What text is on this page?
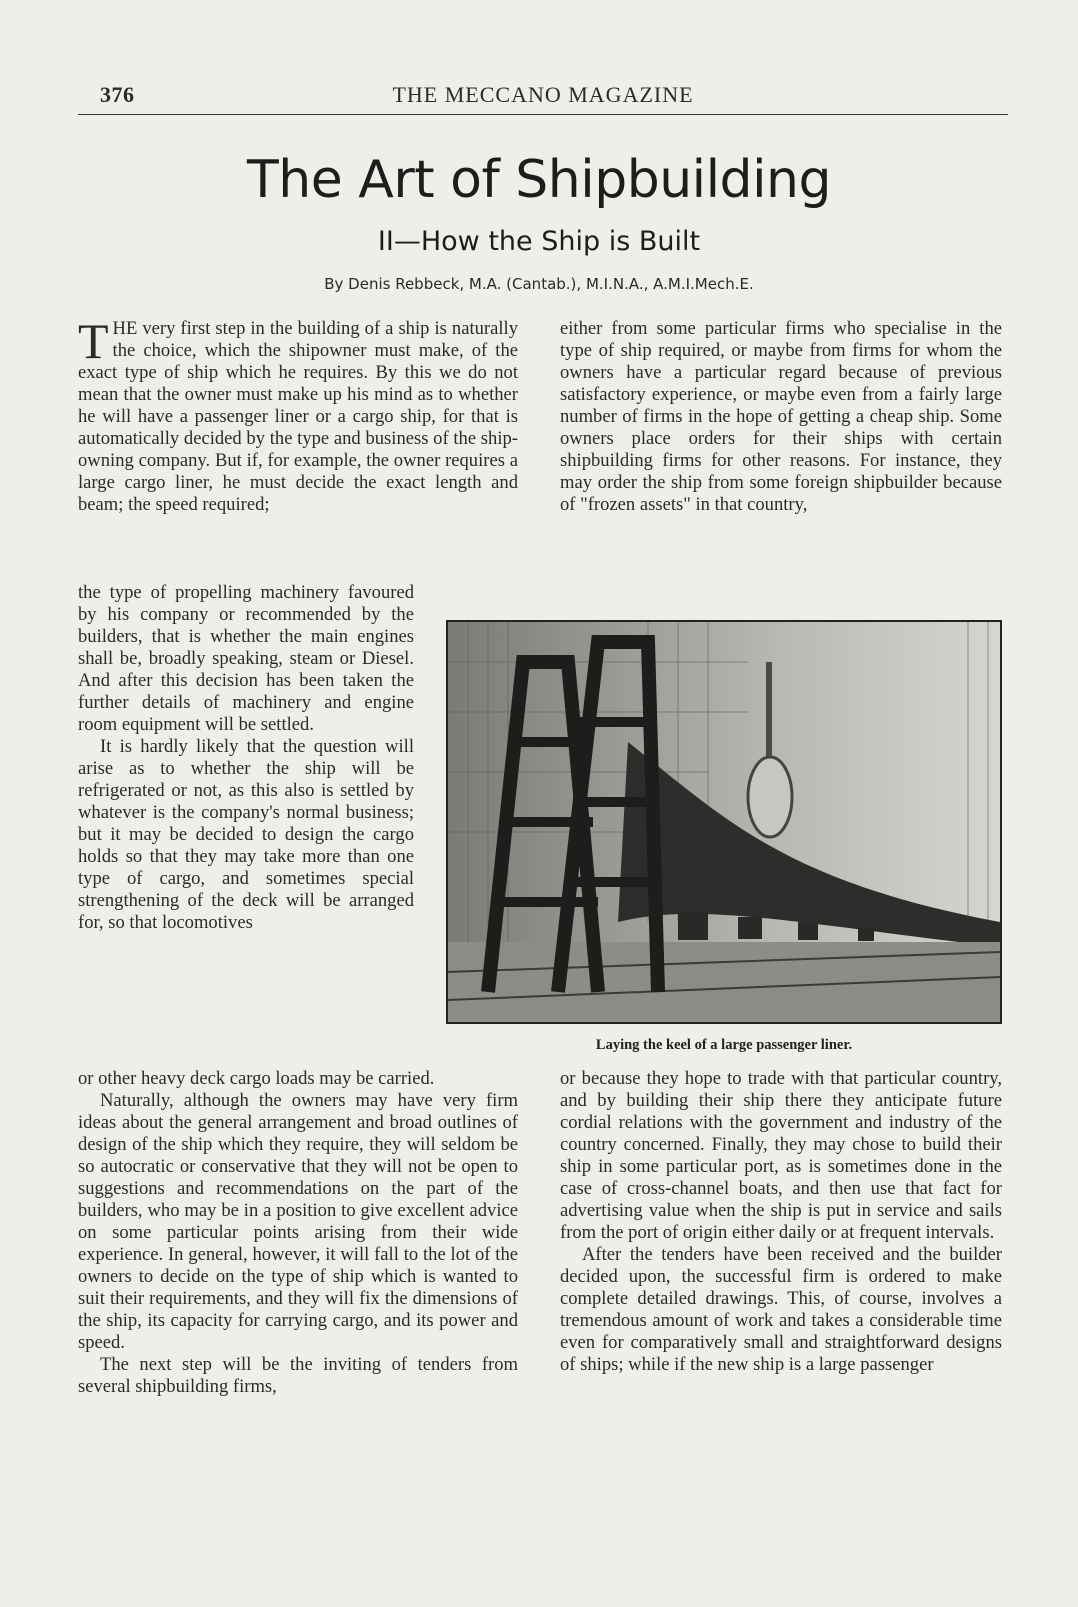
376	THE MECCANO MAGAZINE
The Art of Shipbuilding
II—How the Ship is Built
By Denis Rebbeck, M.A. (Cantab.), M.I.N.A., A.M.I.Mech.E.

THE very first step in the building of a ship is naturally the choice, which the shipowner must make, of the exact type of ship which he requires. By this we do not mean that the owner must make up his mind as to whether he will have a passenger liner or a cargo ship, for that is automatically decided by the type and business of the ship-owning company. But if, for example, the owner requires a large cargo liner, he must decide the exact length and beam; the speed required;

the type of propelling machinery favoured by his company or recommended by the builders, that is whether the main engines shall be, broadly speaking, steam or Diesel. And after this decision has been taken the further details of machinery and engine room equipment will be settled.

It is hardly likely that the question will arise as to whether the ship will be refrigerated or not, as this also is settled by whatever is the company's normal business; but it may be decided to design the cargo holds so that they may take more than one type of cargo, and sometimes special strengthening of the deck will be arranged for, so that locomotives

or other heavy deck cargo loads may be carried.

Naturally, although the owners may have very firm ideas about the general arrangement and broad outlines of design of the ship which they require, they will seldom be so autocratic or conservative that they will not be open to suggestions and recommendations on the part of the builders, who may be in a position to give excellent advice on some particular points arising from their wide experience. In general, however, it will fall to the lot of the owners to decide on the type of ship which is wanted to suit their requirements, and they will fix the dimensions of the ship, its capacity for carrying cargo, and its power and speed.

The next step will be the inviting of tenders from several shipbuilding firms,

either from some particular firms who specialise in the type of ship required, or maybe from firms for whom the owners have a particular regard because of previous satisfactory experience, or maybe even from a fairly large number of firms in the hope of getting a cheap ship. Some owners place orders for their ships with certain shipbuilding firms for other reasons. For instance, they may order the ship from some foreign shipbuilder because of "frozen assets" in that country,

or because they hope to trade with that particular country, and by building their ship there they anticipate future cordial relations with the government and industry of the country concerned. Finally, they may chose to build their ship in some particular port, as is sometimes done in the case of cross-channel boats, and then use that fact for advertising value when the ship is put in service and sails from the port of origin either daily or at frequent intervals.

After the tenders have been received and the builder decided upon, the successful firm is ordered to make complete detailed drawings. This, of course, involves a tremendous amount of work and takes a considerable time even for comparatively small and straightforward designs of ships; while if the new ship is a large passenger

Laying the keel of a large passenger liner.
